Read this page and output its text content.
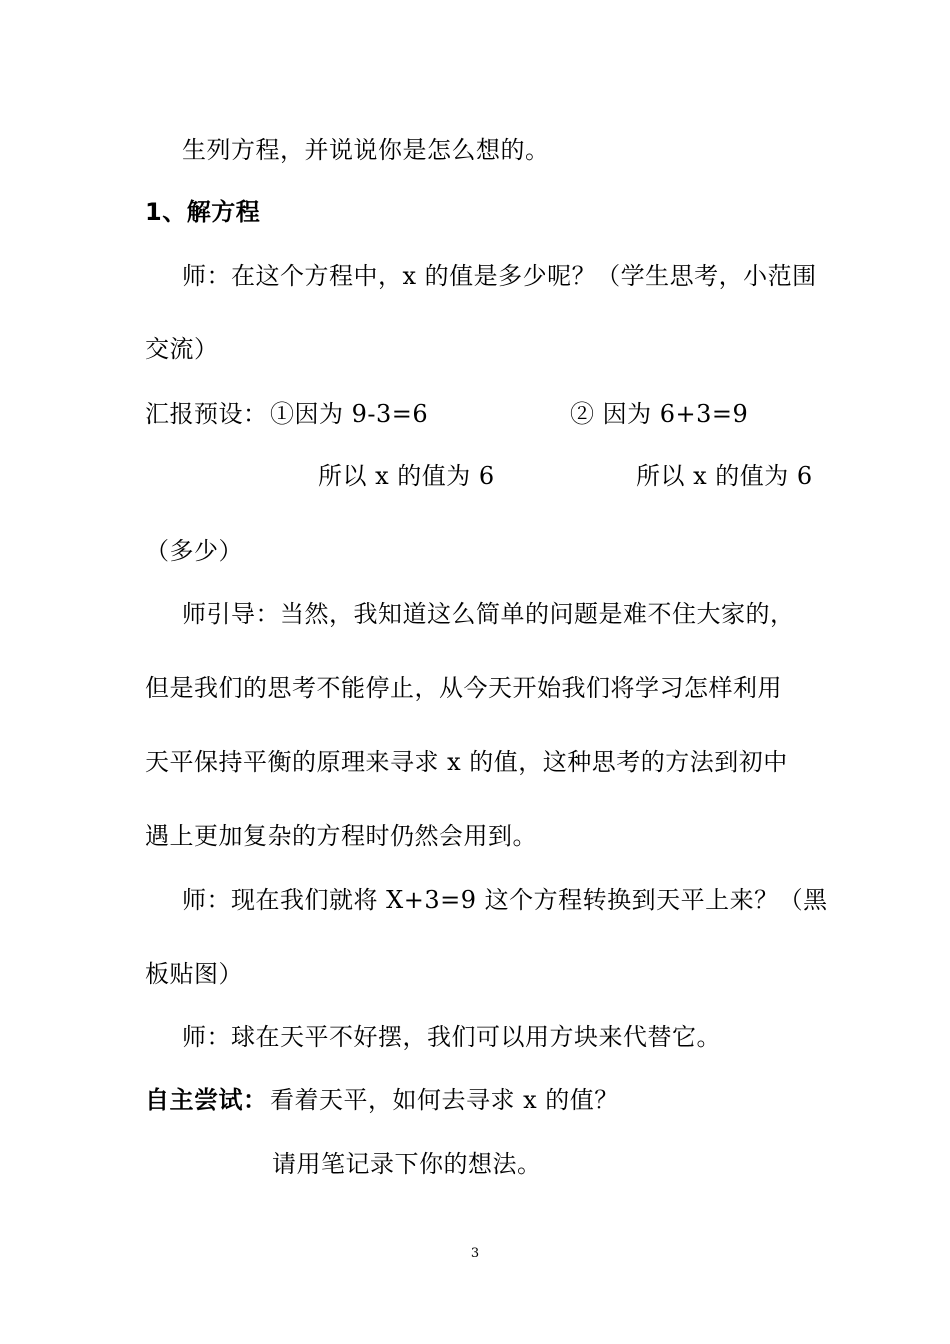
生列方程，并说说你是怎么想的。
1、解方程
师：在这个方程中，x 的值是多少呢？（学生思考，小范围
交流）
汇报预设： ①因为 9-3=6	② 因为 6+3=9
所以 x 的值为 6	所以 x 的值为 6
（多少）
师引导：当然，我知道这么简单的问题是难不住大家的，
但是我们的思考不能停止，从今天开始我们将学习怎样利用
天平保持平衡的原理来寻求 x 的值，这种思考的方法到初中
遇上更加复杂的方程时仍然会用到。
师：现在我们就将 X+3=9 这个方程转换到天平上来？（黑
板贴图）
师：球在天平不好摆，我们可以用方块来代替它。
自主尝试： 看着天平，如何去寻求 x 的值？
请用笔记录下你的想法。
3
